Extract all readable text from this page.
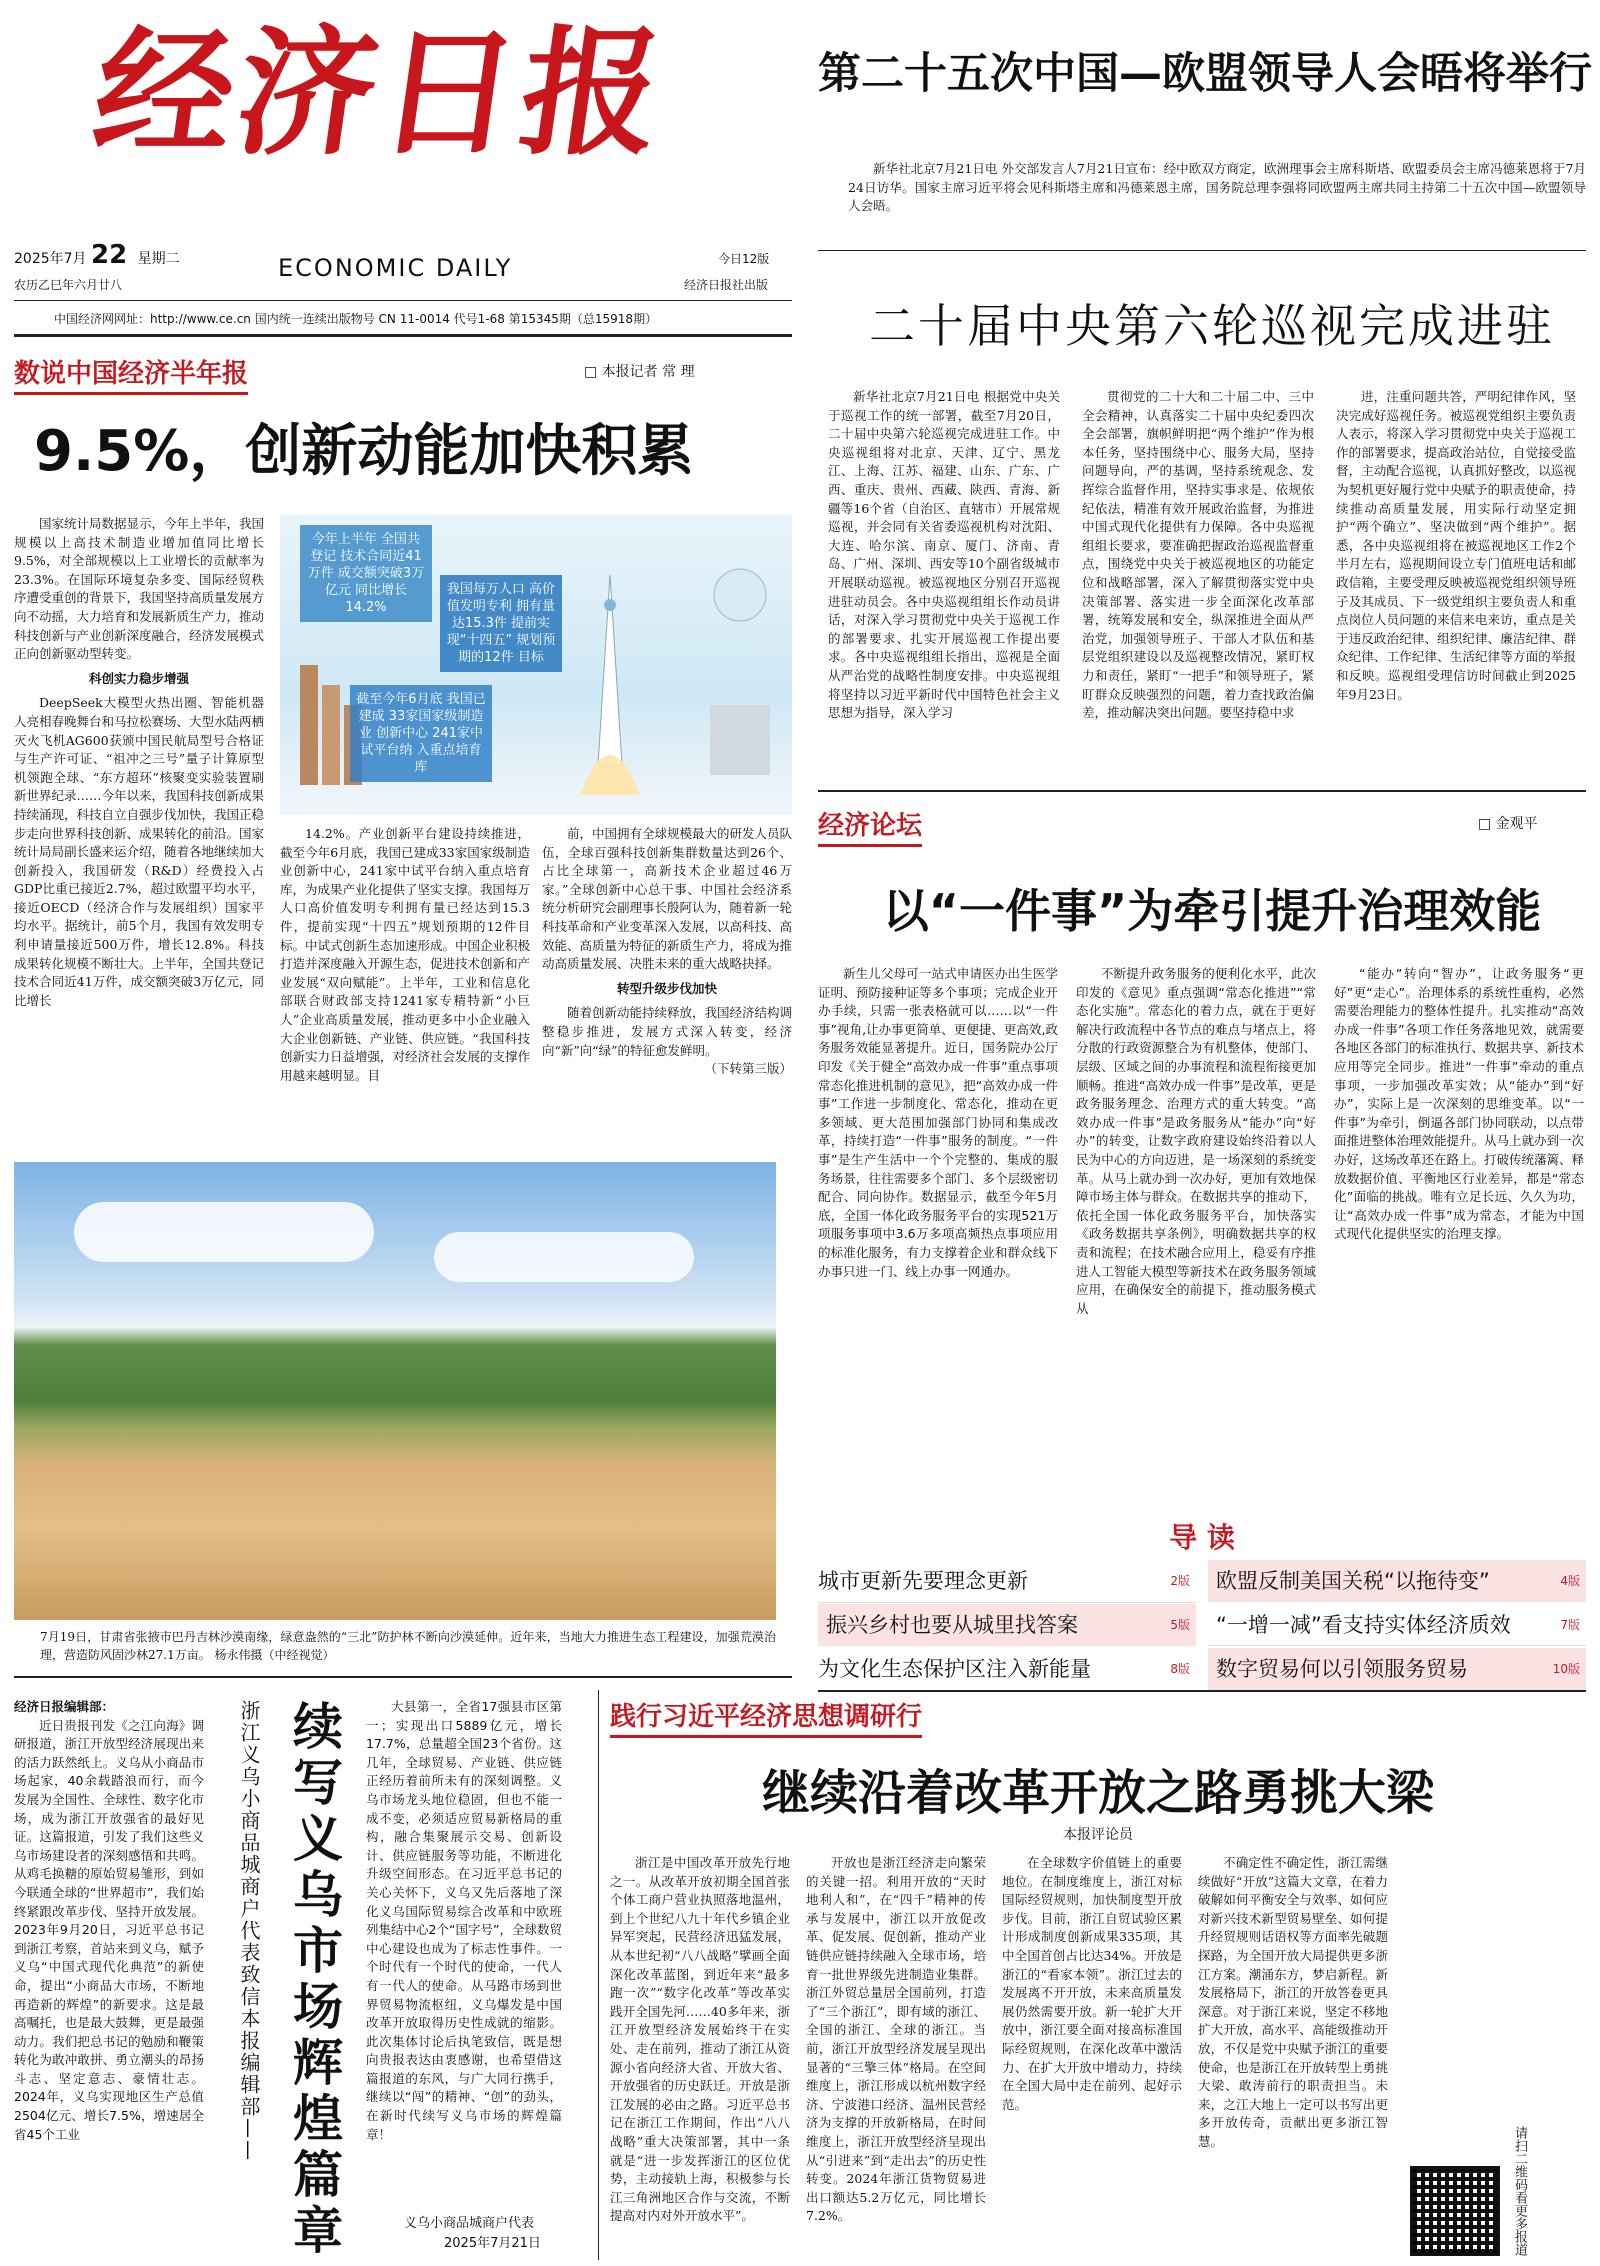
经济日报
2025年7月 22 星期二
农历乙巳年六月廿八
ECONOMIC DAILY	今日12版
经济日报社出版
中国经济网网址：http://www.ce.cn 国内统一连续出版物号 CN 11-0014 代号1-68 第15345期（总15918期）
第二十五次中国—欧盟领导人会晤将举行
新华社北京7月21日电 外交部发言人7月21日宣布：经中欧双方商定，欧洲理事会主席科斯塔、欧盟委员会主席冯德莱恩将于7月24日访华。国家主席习近平将会见科斯塔主席和冯德莱恩主席，国务院总理李强将同欧盟两主席共同主持第二十五次中国—欧盟领导人会晤。
二十届中央第六轮巡视完成进驻
新华社北京7月21日电 根据党中央关于巡视工作的统一部署，截至7月20日，二十届中央第六轮巡视完成进驻工作。中央巡视组将对北京、天津、辽宁、黑龙江、上海、江苏、福建、山东、广东、广西、重庆、贵州、西藏、陕西、青海、新疆等16个省（自治区、直辖市）开展常规巡视，并会同有关省委巡视机构对沈阳、大连、哈尔滨、南京、厦门、济南、青岛、广州、深圳、西安等10个副省级城市开展联动巡视。被巡视地区分别召开巡视进驻动员会。各中央巡视组组长作动员讲话，对深入学习贯彻党中央关于巡视工作的部署要求、扎实开展巡视工作提出要求。各中央巡视组组长指出，巡视是全面从严治党的战略性制度安排。中央巡视组将坚持以习近平新时代中国特色社会主义思想为指导，深入学习
贯彻党的二十大和二十届二中、三中全会精神，认真落实二十届中央纪委四次全会部署，旗帜鲜明把“两个维护”作为根本任务，坚持围绕中心、服务大局，坚持问题导向，严的基调，坚持系统观念、发挥综合监督作用，坚持实事求是、依规依纪依法，精准有效开展政治监督，为推进中国式现代化提供有力保障。各中央巡视组组长要求，要准确把握政治巡视监督重点，围绕党中央关于被巡视地区的功能定位和战略部署，深入了解贯彻落实党中央决策部署、落实进一步全面深化改革部署，统筹发展和安全，纵深推进全面从严治党，加强领导班子、干部人才队伍和基层党组织建设以及巡视整改情况，紧盯权力和责任，紧盯“一把手”和领导班子，紧盯群众反映强烈的问题，着力查找政治偏差，推动解决突出问题。要坚持稳中求
进，注重问题共答，严明纪律作风，坚决完成好巡视任务。被巡视党组织主要负责人表示，将深入学习贯彻党中央关于巡视工作的部署要求，提高政治站位，自觉接受监督，主动配合巡视，认真抓好整改，以巡视为契机更好履行党中央赋予的职责使命，持续推动高质量发展，用实际行动坚定拥护“两个确立”、坚决做到“两个维护”。据悉，各中央巡视组将在被巡视地区工作2个半月左右，巡视期间设立专门值班电话和邮政信箱，主要受理反映被巡视党组织领导班子及其成员、下一级党组织主要负责人和重点岗位人员问题的来信来电来访，重点是关于违反政治纪律、组织纪律、廉洁纪律、群众纪律、工作纪律、生活纪律等方面的举报和反映。巡视组受理信访时间截止到2025年9月23日。
数说中国经济半年报	□ 本报记者 常 理
9.5%，创新动能加快积累

国家统计局数据显示，今年上半年，我国规模以上高技术制造业增加值同比增长9.5%，对全部规模以上工业增长的贡献率为23.3%。在国际环境复杂多变、国际经贸秩序遭受重创的背景下，我国坚持高质量发展方向不动摇，大力培育和发展新质生产力，推动科技创新与产业创新深度融合，经济发展模式正向创新驱动型转变。

科创实力稳步增强

DeepSeek大模型火热出圈、智能机器人亮相春晚舞台和马拉松赛场、大型水陆两栖灭火飞机AG600获颁中国民航局型号合格证与生产许可证、“祖冲之三号”量子计算原型机领跑全球、“东方超环”核聚变实验装置刷新世界纪录……今年以来，我国科技创新成果持续涌现，科技自立自强步伐加快，我国正稳步走向世界科技创新、成果转化的前沿。国家统计局局副长盛来运介绍，随着各地继续加大创新投入，我国研发（R&D）经费投入占GDP比重已接近2.7%，超过欧盟平均水平，接近OECD（经济合作与发展组织）国家平均水平。据统计，前5个月，我国有效发明专利申请量接近500万件，增长12.8%。科技成果转化规模不断壮大。上半年，全国共登记技术合同近41万件，成交额突破3万亿元，同比增长

今年上半年 全国共登记 技术合同近41万件 成交额突破3万亿元 同比增长 14.2%
我国每万人口 高价值发明专利 拥有量达15.3件 提前实现“十四五” 规划预期的12件 目标
截至今年6月底 我国已建成 33家国家级制造业 创新中心 241家中试平台纳 入重点培育库
14.2%。产业创新平台建设持续推进，截至今年6月底，我国已建成33家国家级制造业创新中心，241家中试平台纳入重点培育库，为成果产业化提供了坚实支撑。我国每万人口高价值发明专利拥有量已经达到15.3件，提前实现“十四五”规划预期的12件目标。中试式创新生态加速形成。中国企业积极打造并深度融入开源生态，促进技术创新和产业发展“双向赋能”。上半年，工业和信息化部联合财政部支持1241家专精特新“小巨人”企业高质量发展，推动更多中小企业融入大企业创新链、产业链、供应链。“我国科技创新实力日益增强，对经济社会发展的支撑作用越来越明显。目

前，中国拥有全球规模最大的研发人员队伍，全球百强科技创新集群数量达到26个、占比全球第一，高新技术企业超过46万家。”全球创新中心总干事、中国社会经济系统分析研究会副理事长殷阿认为，随着新一轮科技革命和产业变革深入发展，以高科技、高效能、高质量为特征的新质生产力，将成为推动高质量发展、决胜未来的重大战略抉择。

转型升级步伐加快

随着创新动能持续释放，我国经济结构调整稳步推进，发展方式深入转变，经济向“新”向“绿”的特征愈发鲜明。

（下转第三版）

7月19日，甘肃省张掖市巴丹吉林沙漠南缘，绿意盎然的“三北”防护林不断向沙漠延伸。近年来，当地大力推进生态工程建设，加强荒漠治理，营造防风固沙林27.1万亩。 杨永伟摄（中经视觉）
经济论坛	□ 金观平
以“一件事”为牵引提升治理效能
新生儿父母可一站式申请医办出生医学证明、预防接种证等多个事项；完成企业开办手续，只需一张表格就可以……以“一件事”视角,让办事更简单、更便捷、更高效,政务服务效能显著提升。近日，国务院办公厅印发《关于健全“高效办成一件事”重点事项常态化推进机制的意见》，把“高效办成一件事”工作进一步制度化、常态化，推动在更多领域、更大范围加强部门协同和集成改革，持续打造“一件事”服务的制度。“一件事”是生产生活中一个个完整的、集成的服务场景，往往需要多个部门、多个层级密切配合、同向协作。数据显示，截至今年5月底，全国一体化政务服务平台的实现521万项服务事项中3.6万多项高频热点事项应用的标准化服务，有力支撑着企业和群众线下办事只进一门、线上办事一网通办。
不断提升政务服务的便利化水平，此次印发的《意见》重点强调“常态化推进”“常态化实施”。常态化的着力点，就在于更好解决行政流程中各节点的难点与堵点上，将分散的行政资源整合为有机整体，使部门、层级、区域之间的办事流程和流程衔接更加顺畅。推进“高效办成一件事”是改革，更是政务服务理念、治理方式的重大转变。“高效办成一件事”是政务服务从“能办”向“好办”的转变，让数字政府建设始终沿着以人民为中心的方向迈进，是一场深刻的系统变革。从马上就办到一次办好，更加有效地保障市场主体与群众。在数据共享的推动下，依托全国一体化政务服务平台，加快落实《政务数据共享条例》，明确数据共享的权责和流程；在技术融合应用上，稳妥有序推进人工智能大模型等新技术在政务服务领域应用，在确保安全的前提下，推动服务模式从
“能办”转向“智办”，让政务服务“更好”更“走心”。治理体系的系统性重构，必然需要治理能力的整体性提升。扎实推动“高效办成一件事”各项工作任务落地见效，就需要各地区各部门的标准执行、数据共享、新技术应用等完全同步。推进“一件事”牵动的重点事项，一步加强改革实效；从“能办”到“好办”，实际上是一次深刻的思维变革。以“一件事”为牵引，倒逼各部门协同联动，以点带面推进整体治理效能提升。从马上就办到一次办好，这场改革还在路上。打破传统藩篱、释放数据价值、平衡地区行业差异，都是“常态化”面临的挑战。唯有立足长远、久久为功，让“高效办成一件事”成为常态，才能为中国式现代化提供坚实的治理支撑。
导 读
城市更新先要理念更新	2版	欧盟反制美国关税“以拖待变”	4版
振兴乡村也要从城里找答案	5版	“一增一减”看支持实体经济质效	7版
为文化生态保护区注入新能量	8版	数字贸易何以引领服务贸易	10版

经济日报编辑部：

近日贵报刊发《之江向海》调研报道，浙江开放型经济展现出来的活力跃然纸上。义乌从小商品市场起家，40余载踏浪而行，而今发展为全国性、全球性、数字化市场，成为浙江开放强省的最好见证。这篇报道，引发了我们这些义乌市场建设者的深刻感悟和共鸣。从鸡毛换糖的原始贸易雏形，到如今联通全球的“世界超市”，我们始终紧跟改革步伐、坚持开放发展。2023年9月20日，习近平总书记到浙江考察，首站来到义乌，赋予义乌“中国式现代化典范”的新使命，提出“小商品大市场，不断地再造新的辉煌”的新要求。这是最高嘱托，也是最大鼓舞，更是最强动力。我们把总书记的勉励和鞭策转化为敢冲敢拼、勇立潮头的昂扬斗志、坚定意志、豪情壮志。2024年，义乌实现地区生产总值2504亿元、增长7.5%，增速居全省45个工业	浙江义乌小商品城商户代表致信本报编辑部—— 续写义乌市场辉煌篇章	大县第一，全省17强县市区第一；实现出口5889亿元，增长17.7%，总量超全国23个省份。这几年，全球贸易、产业链、供应链正经历着前所未有的深刻调整。义乌市场龙头地位稳固，但也不能一成不变，必须适应贸易新格局的重构，融合集聚展示交易、创新设计、供应链服务等功能，不断进化升级空间形态。在习近平总书记的关心关怀下，义乌又先后落地了深化义乌国际贸易综合改革和中欧班列集结中心2个“国字号”，全球数贸中心建设也成为了标志性事件。一个时代有一个时代的使命，一代人有一代人的使命。从马路市场到世界贸易物流枢纽，义乌爆发是中国改革开放取得历史性成就的缩影。此次集体讨论后执笔致信，既是想向贵报表达由衷感谢，也希望借这篇报道的东风，与广大同行携手，继续以“闯”的精神、“创”的劲头，在新时代续写义乌市场的辉煌篇章！
义乌小商品城商户代表
2025年7月21日
践行习近平经济思想调研行
继续沿着改革开放之路勇挑大梁
本报评论员
浙江是中国改革开放先行地之一。从改革开放初期全国首张个体工商户营业执照落地温州，到上个世纪八九十年代乡镇企业异军突起，民营经济迅猛发展，从本世纪初“八八战略”擘画全面深化改革蓝图，到近年来“最多跑一次”“数字化改革”等改革实践开全国先河……40多年来，浙江开放型经济发展始终干在实处、走在前列，推动了浙江从资源小省向经济大省、开放大省、开放强省的历史跃迁。开放是浙江发展的必由之路。习近平总书记在浙江工作期间，作出“八八战略”重大决策部署，其中一条就是“进一步发挥浙江的区位优势，主动接轨上海，积极参与长江三角洲地区合作与交流，不断提高对内对外开放水平”。
开放也是浙江经济走向繁荣的关键一招。利用开放的“天时地利人和”，在“四千”精神的传承与发展中，浙江以开放促改革、促发展、促创新，推动产业链供应链持续融入全球市场，培育一批世界级先进制造业集群。浙江外贸总量居全国前列，打造了“三个浙江”，即有域的浙江、全国的浙江、全球的浙江。当前，浙江开放型经济发展呈现出显著的“三擎三体”格局。在空间维度上，浙江形成以杭州数字经济、宁波港口经济、温州民营经济为支撑的开放新格局，在时间维度上，浙江开放型经济呈现出从“引进来”到“走出去”的历史性转变。2024年浙江货物贸易进出口额达5.2万亿元，同比增长7.2%。
在全球数字价值链上的重要地位。在制度维度上，浙江对标国际经贸规则，加快制度型开放步伐。目前，浙江自贸试验区累计形成制度创新成果335项，其中全国首创占比达34%。开放是浙江的“看家本领”。浙江过去的发展离不开开放，未来高质量发展仍然需要开放。新一轮扩大开放中，浙江要全面对接高标准国际经贸规则，在深化改革中激活力、在扩大开放中增动力，持续在全国大局中走在前列、起好示范。
不确定性不确定性，浙江需继续做好“开放”这篇大文章，在着力破解如何平衡安全与效率、如何应对新兴技术新型贸易壁垒、如何提升经贸规则话语权等方面率先破题探路，为全国开放大局提供更多浙江方案。潮涌东方，梦启新程。新发展格局下，浙江的开放答卷更具深意。对于浙江来说，坚定不移地扩大开放，高水平、高能级推动开放，不仅是党中央赋予浙江的重要使命，也是浙江在开放转型上勇挑大梁、敢涛前行的职责担当。未来，之江大地上一定可以书写出更多开放传奇，贡献出更多浙江智慧。	请扫二维码看更多报道
